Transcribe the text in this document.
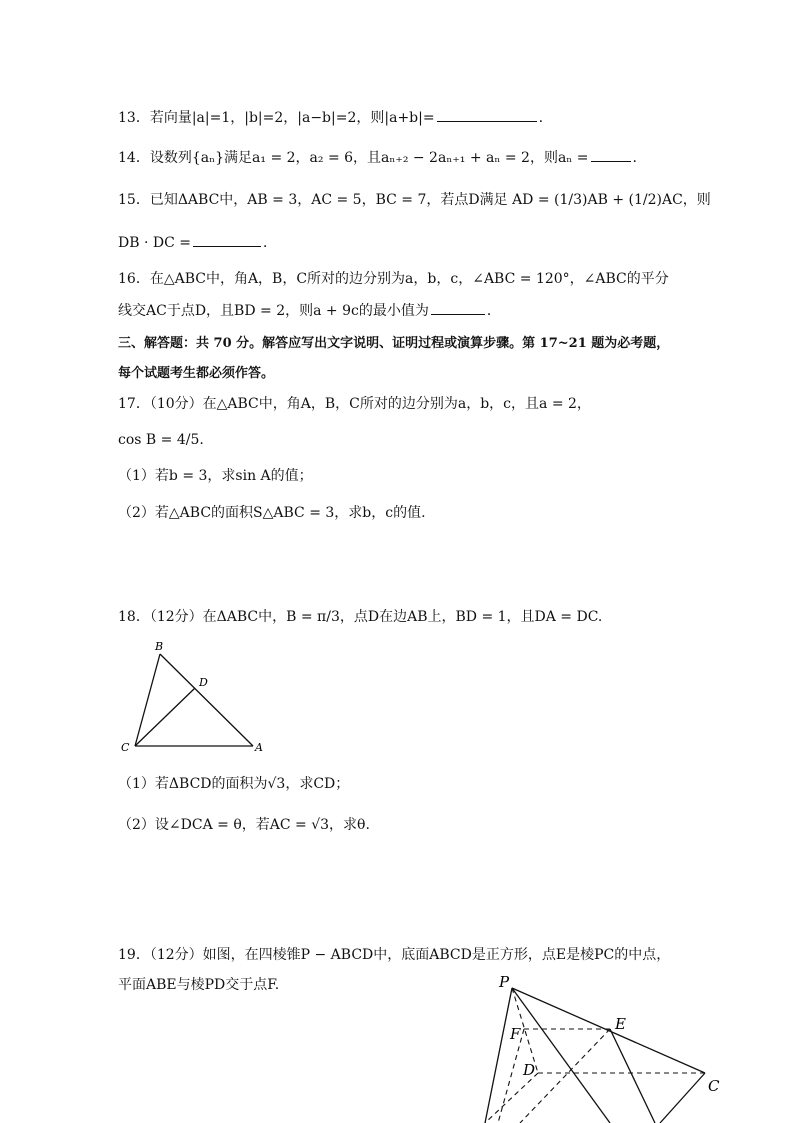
13．若向量|a|=1，|b|=2，|a−b|=2，则|a+b|=	.
14．设数列{aₙ}满足a₁ = 2，a₂ = 6，且aₙ₊₂ − 2aₙ₊₁ + aₙ = 2，则aₙ =	.
15．已知ΔABC中，AB = 3，AC = 5，BC = 7，若点D满足 AD = (1/3)AB + (1/2)AC，则
DB · DC =	．
16．在△ABC中，角A，B，C所对的边分别为a，b，c，∠ABC = 120°，∠ABC的平分
线交AC于点D，且BD = 2，则a + 9c的最小值为	．
三、解答题：共 70 分。解答应写出文字说明、证明过程或演算步骤。第 17~21 题为必考题，
每个试题考生都必须作答。
17．（10分）在△ABC中，角A，B，C所对的边分别为a，b，c，且a = 2，
cos B = 4/5.
（1）若b = 3，求sin A的值；
（2）若△ABC的面积S△ABC = 3，求b，c的值.
18．（12分）在ΔABC中，B = π/3，点D在边AB上，BD = 1，且DA = DC.
B
D
C	A
（1）若ΔBCD的面积为√3，求CD；
（2）设∠DCA = θ，若AC = √3，求θ.
19．（12分）如图，在四棱锥P − ABCD中，底面ABCD是正方形，点E是棱PC的中点，
平面ABE与棱PD交于点F.	P
E
F
D
C
